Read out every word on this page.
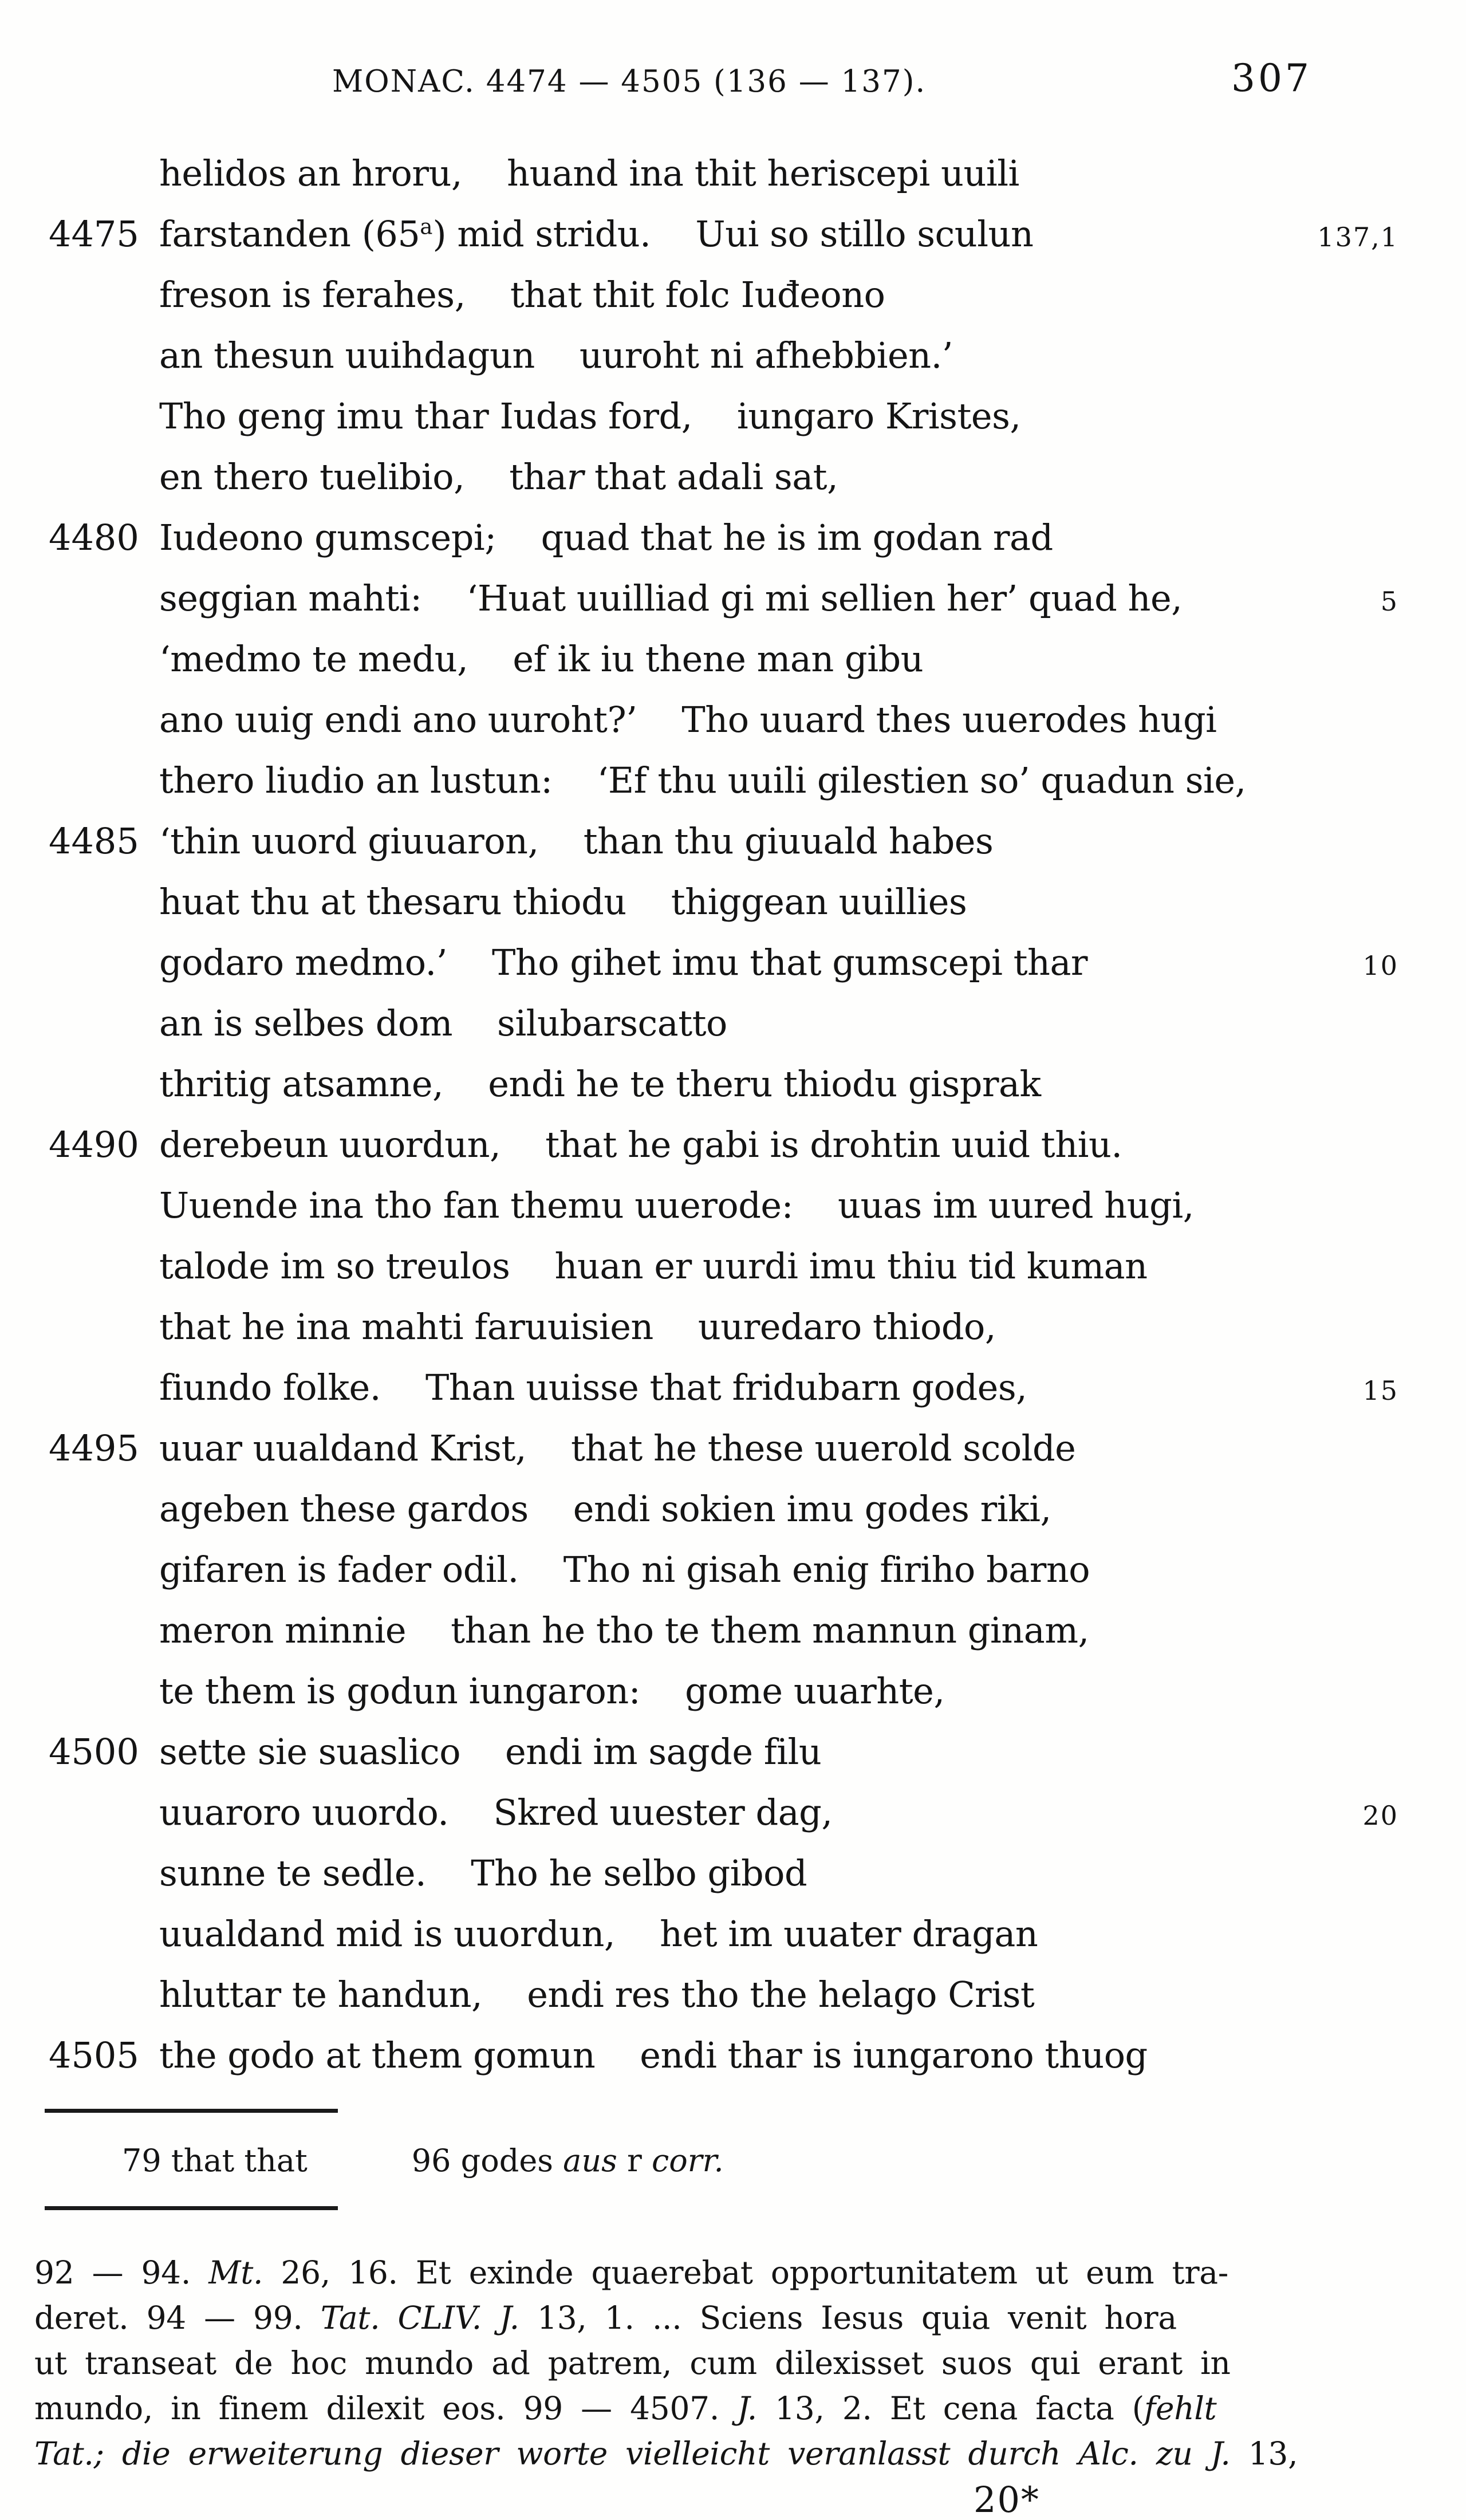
MONAC. 4474 — 4505 (136 — 137).	307
helidos an hroru, huand ina thit heriscepi uuili
4475 farstanden (65$^a$) mid stridu. Uui so stillo sculun	137,1
freson is ferahes, that thit folc Iuđeono
an thesun uuihdagun uuroht ni afhebbien.’
Tho geng imu thar Iudas ford, iungaro Kristes,
en thero tuelibio, thar that adali sat,
4480 Iudeono gumscepi; quad that he is im godan rad
seggian mahti: ‘Huat uuilliad gi mi sellien her’ quad he,	5
‘medmo te medu, ef ik iu thene man gibu
ano uuig endi ano uuroht?’ Tho uuard thes uuerodes hugi
thero liudio an lustun: ‘Ef thu uuili gilestien so’ quadun sie,
4485 ‘thin uuord giuuaron, than thu giuuald habes
huat thu at thesaru thiodu thiggean uuillies
godaro medmo.’ Tho gihet imu that gumscepi thar	10
an is selbes dom silubarscatto
thritig atsamne, endi he te theru thiodu gisprak
4490 derebeun uuordun, that he gabi is drohtin uuid thiu.
Uuende ina tho fan themu uuerode: uuas im uured hugi,
talode im so treulos huan er uurdi imu thiu tid kuman
that he ina mahti faruuisien uuredaro thiodo,
fiundo folke. Than uuisse that fridubarn godes,	15
4495 uuar uualdand Krist, that he these uuerold scolde
ageben these gardos endi sokien imu godes riki,
gifaren is fader odil. Tho ni gisah enig firiho barno
meron minnie than he tho te them mannun ginam,
te them is godun iungaron: gome uuarhte,
4500 sette sie suaslico endi im sagde filu
uuaroro uuordo. Skred uuester dag,	20
sunne te sedle. Tho he selbo gibod
uualdand mid is uuordun, het im uuater dragan
hluttar te handun, endi res tho the helago Crist
4505 the godo at them gomun endi thar is iungarono thuog
79 that that	96 godes aus r corr.
92 — 94. Mt. 26, 16. Et exinde quaerebat opportunitatem ut eum tra-
deret. 94 — 99. Tat. CLIV. J. 13, 1. ... Sciens Iesus quia venit hora
ut transeat de hoc mundo ad patrem, cum dilexisset suos qui erant in
mundo, in finem dilexit eos. 99 — 4507. J. 13, 2. Et cena facta (fehlt
Tat.; die erweiterung dieser worte vielleicht veranlasst durch Alc. zu J. 13,
20*
